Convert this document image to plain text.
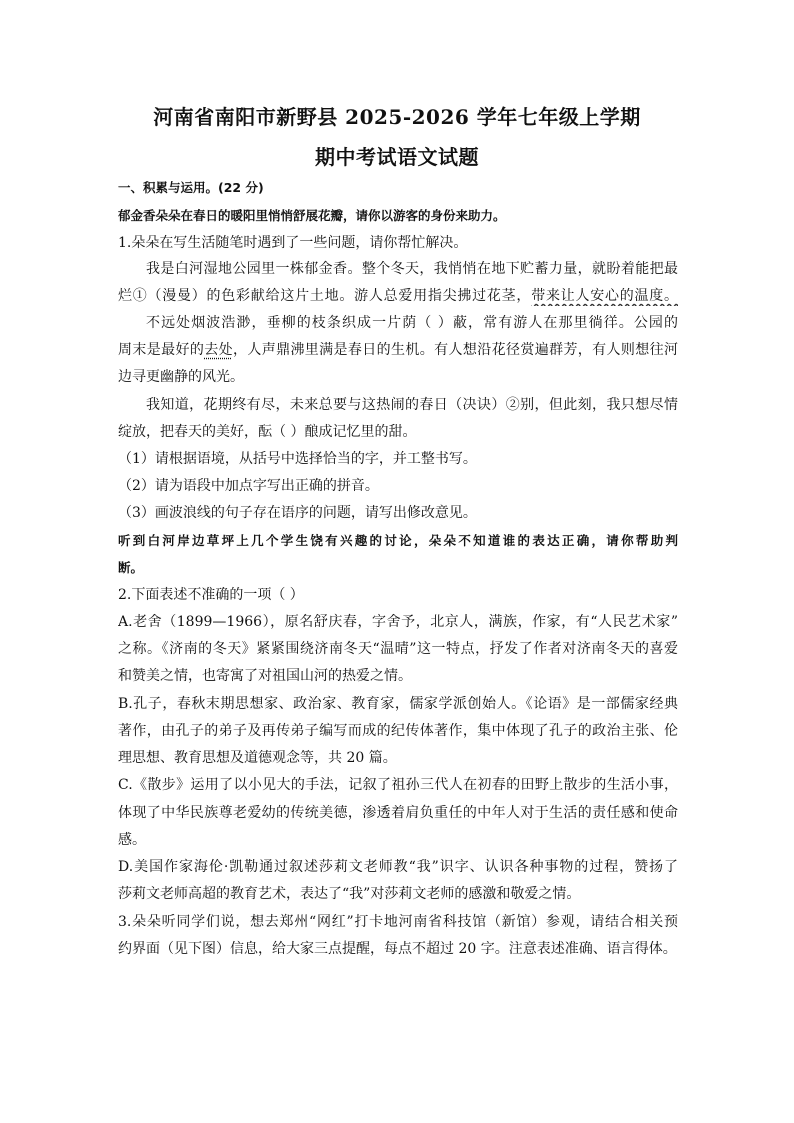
河南省南阳市新野县 2025-2026 学年七年级上学期
期中考试语文试题
一、积累与运用。(22 分)
郁金香朵朵在春日的暖阳里悄悄舒展花瓣，请你以游客的身份来助力。
1.朵朵在写生活随笔时遇到了一些问题，请你帮忙解决。
我是白河湿地公园里一株郁金香。整个冬天，我悄悄在地下贮蓄力量，就盼着能把最
烂①（漫曼）的色彩献给这片土地。游人总爱用指尖拂过花茎，带来让人安心的温度。
不远处烟波浩渺，垂柳的枝条织成一片荫（ ）蔽，常有游人在那里徜徉。公园的
周末是最好的去处，人声鼎沸里满是春日的生机。有人想沿花径赏遍群芳，有人则想往河
边寻更幽静的风光。
我知道，花期终有尽，未来总要与这热闹的春日（决诀）②别，但此刻，我只想尽情
绽放，把春天的美好，酝（ ）酿成记忆里的甜。
（1）请根据语境，从括号中选择恰当的字，并工整书写。
（2）请为语段中加点字写出正确的拼音。
（3）画波浪线的句子存在语序的问题，请写出修改意见。
听到白河岸边草坪上几个学生饶有兴趣的讨论，朵朵不知道谁的表达正确，请你帮助判
断。
2.下面表述不准确的一项（ ）
A.老舍（1899—1966），原名舒庆春，字舍予，北京人，满族，作家，有“人民艺术家”
之称。《济南的冬天》紧紧围绕济南冬天“温晴”这一特点，抒发了作者对济南冬天的喜爱
和赞美之情，也寄寓了对祖国山河的热爱之情。
B.孔子，春秋末期思想家、政治家、教育家，儒家学派创始人。《论语》是一部儒家经典
著作，由孔子的弟子及再传弟子编写而成的纪传体著作，集中体现了孔子的政治主张、伦
理思想、教育思想及道德观念等，共 20 篇。
C.《散步》运用了以小见大的手法，记叙了祖孙三代人在初春的田野上散步的生活小事，
体现了中华民族尊老爱幼的传统美德，渗透着肩负重任的中年人对于生活的责任感和使命
感。
D.美国作家海伦·凯勒通过叙述莎莉文老师教“我”识字、认识各种事物的过程，赞扬了
莎莉文老师高超的教育艺术，表达了“我”对莎莉文老师的感激和敬爱之情。
3.朵朵听同学们说，想去郑州“网红”打卡地河南省科技馆（新馆）参观，请结合相关预
约界面（见下图）信息，给大家三点提醒，每点不超过 20 字。注意表述准确、语言得体。
